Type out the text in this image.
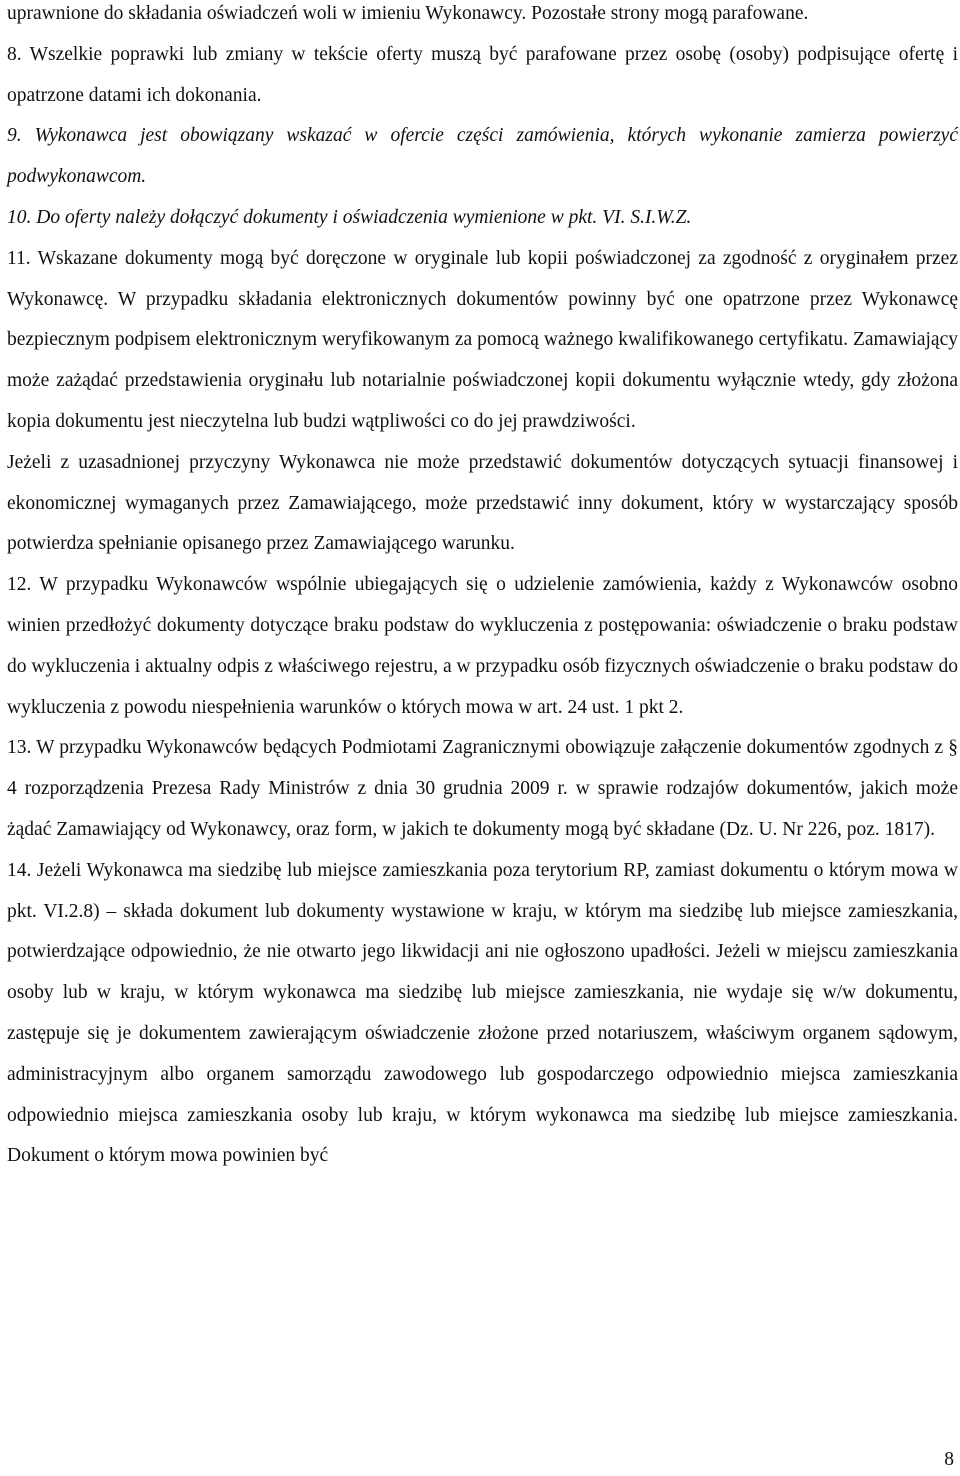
uprawnione do składania oświadczeń woli w imieniu Wykonawcy. Pozostałe strony mogą parafowane.

8. Wszelkie poprawki lub zmiany w tekście oferty muszą być parafowane przez osobę (osoby) podpisujące ofertę i opatrzone datami ich dokonania.

9. Wykonawca jest obowiązany wskazać w ofercie części zamówienia, których wykonanie zamierza powierzyć podwykonawcom.

10. Do oferty należy dołączyć dokumenty i oświadczenia wymienione w pkt. VI. S.I.W.Z.

11. Wskazane dokumenty mogą być doręczone w oryginale lub kopii poświadczonej za zgodność z oryginałem przez Wykonawcę. W przypadku składania elektronicznych dokumentów powinny być one opatrzone przez Wykonawcę bezpiecznym podpisem elektronicznym weryfikowanym za pomocą ważnego kwalifikowanego certyfikatu. Zamawiający może zażądać przedstawienia oryginału lub notarialnie poświadczonej kopii dokumentu wyłącznie wtedy, gdy złożona kopia dokumentu jest nieczytelna lub budzi wątpliwości co do jej prawdziwości.

Jeżeli z uzasadnionej przyczyny Wykonawca nie może przedstawić dokumentów dotyczących sytuacji finansowej i ekonomicznej wymaganych przez Zamawiającego, może przedstawić inny dokument, który w wystarczający sposób potwierdza spełnianie opisanego przez Zamawiającego warunku.

12. W przypadku Wykonawców wspólnie ubiegających się o udzielenie zamówienia, każdy z Wykonawców osobno winien przedłożyć dokumenty dotyczące braku podstaw do wykluczenia z postępowania: oświadczenie o braku podstaw do wykluczenia i aktualny odpis z właściwego rejestru, a w przypadku osób fizycznych oświadczenie o braku podstaw do wykluczenia z powodu niespełnienia warunków o których mowa w art. 24 ust. 1 pkt 2.

13. W przypadku Wykonawców będących Podmiotami Zagranicznymi obowiązuje załączenie dokumentów zgodnych z § 4 rozporządzenia Prezesa Rady Ministrów z dnia 30 grudnia 2009 r. w sprawie rodzajów dokumentów, jakich może żądać Zamawiający od Wykonawcy, oraz form, w jakich te dokumenty mogą być składane (Dz. U. Nr 226, poz. 1817).

14. Jeżeli Wykonawca ma siedzibę lub miejsce zamieszkania poza terytorium RP, zamiast dokumentu o którym mowa w pkt. VI.2.8) – składa dokument lub dokumenty wystawione w kraju, w którym ma siedzibę lub miejsce zamieszkania, potwierdzające odpowiednio, że nie otwarto jego likwidacji ani nie ogłoszono upadłości. Jeżeli w miejscu zamieszkania osoby lub w kraju, w którym wykonawca ma siedzibę lub miejsce zamieszkania, nie wydaje się w/w dokumentu, zastępuje się je dokumentem zawierającym oświadczenie złożone przed notariuszem, właściwym organem sądowym, administracyjnym albo organem samorządu zawodowego lub gospodarczego odpowiednio miejsca zamieszkania odpowiednio miejsca zamieszkania osoby lub kraju, w którym wykonawca ma siedzibę lub miejsce zamieszkania. Dokument o którym mowa powinien być

8
